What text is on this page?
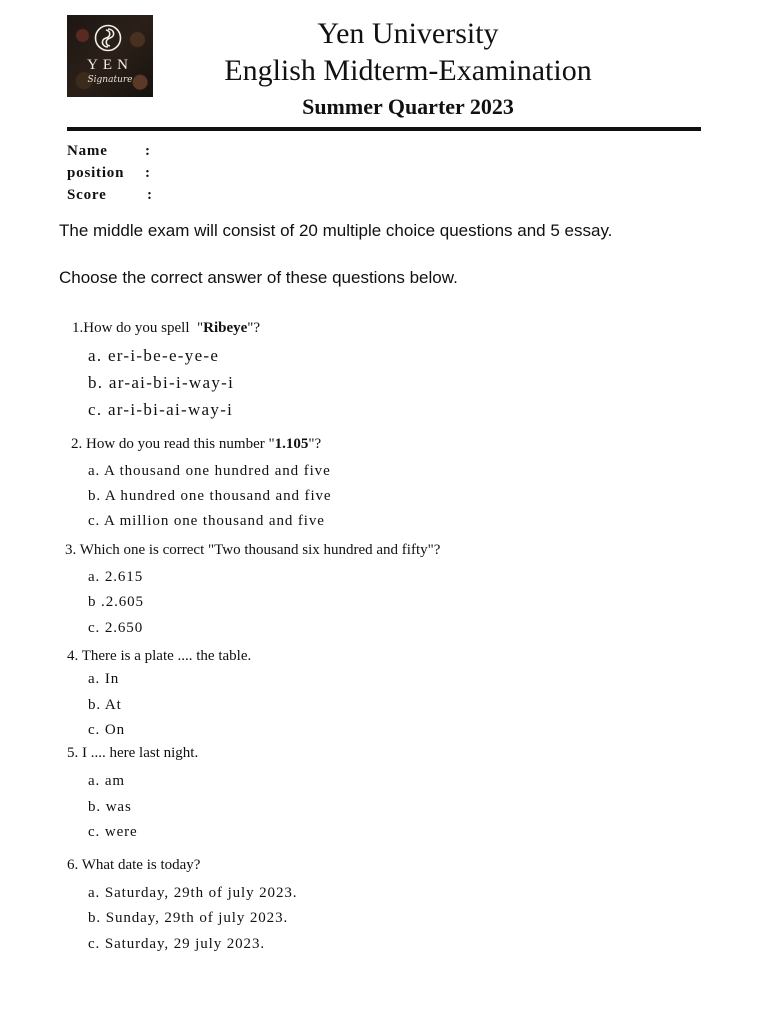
YEN
Signature
Yen University
English Midterm-Examination
Summer Quarter 2023
Name :
position :
Score	:
The middle exam will consist of 20 multiple choice questions and 5 essay.
Choose the correct answer of these questions below.
1.How do you spell  "Ribeye"?
a. er-i-be-e-ye-e
b. ar-ai-bi-i-way-i
c. ar-i-bi-ai-way-i
2. How do you read this number "1.105"?
a. A thousand one hundred and five
b. A hundred one thousand and five
c. A million one thousand and five
3. Which one is correct "Two thousand six hundred and fifty"?
a. 2.615
b .2.605
c. 2.650
4. There is a plate .... the table.
a. In
b. At
c. On
5. I .... here last night.
a. am
b. was
c. were
6. What date is today?
a. Saturday, 29th of july 2023.
b. Sunday, 29th of july 2023.
c. Saturday, 29 july 2023.
